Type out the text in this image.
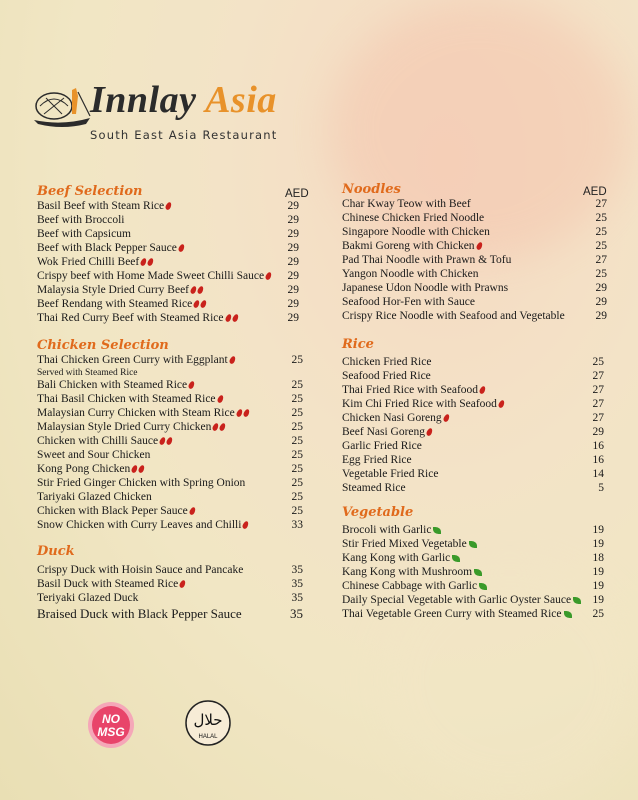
Innlay Asia
South East Asia Restaurant
AED
Beef Selection
Basil Beef with Steam Rice	29
Beef with Broccoli	29
Beef with Capsicum	29
Beef with Black Pepper Sauce	29
Wok Fried Chilli Beef	29
Crispy beef with Home Made Sweet Chilli Sauce	29
Malaysia Style Dried Curry Beef	29
Beef Rendang with Steamed Rice	29
Thai Red Curry Beef with Steamed Rice	29
Chicken Selection
Thai Chicken Green Curry with Eggplant	25
Served with Steamed Rice
Bali Chicken with Steamed Rice	25
Thai Basil Chicken with Steamed Rice	25
Malaysian Curry Chicken with Steam Rice	25
Malaysian Style Dried Curry Chicken	25
Chicken with Chilli Sauce	25
Sweet and Sour Chicken	25
Kong Pong Chicken	25
Stir Fried Ginger Chicken with Spring Onion	25
Tariyaki Glazed Chicken	25
Chicken with Black Peper Sauce	25
Snow Chicken with Curry Leaves and Chilli	33
Duck
Crispy Duck with Hoisin Sauce and Pancake	35
Basil Duck with Steamed Rice	35
Teriyaki Glazed Duck	35
Braised Duck with Black Pepper Sauce	35
AED
Noodles
Char Kway Teow with Beef	27
Chinese Chicken Fried Noodle	25
Singapore Noodle with Chicken	25
Bakmi Goreng with Chicken	25
Pad Thai Noodle with Prawn & Tofu	27
Yangon Noodle with Chicken	25
Japanese Udon Noodle with Prawns	29
Seafood Hor-Fen with Sauce	29
Crispy Rice Noodle with Seafood and Vegetable	29
Rice
Chicken Fried Rice	25
Seafood Fried Rice	27
Thai Fried Rice with Seafood	27
Kim Chi Fried Rice with Seafood	27
Chicken Nasi Goreng	27
Beef Nasi Goreng	29
Garlic Fried Rice	16
Egg Fried Rice	16
Vegetable Fried Rice	14
Steamed Rice	5
Vegetable
Brocoli with Garlic	19
Stir Fried Mixed Vegetable	19
Kang Kong with Garlic	18
Kang Kong with Mushroom	19
Chinese Cabbage with Garlic	19
Daily Special Vegetable with Garlic Oyster Sauce	19
Thai Vegetable Green Curry with Steamed Rice	25
NO
MSG
حلال
HALAL
